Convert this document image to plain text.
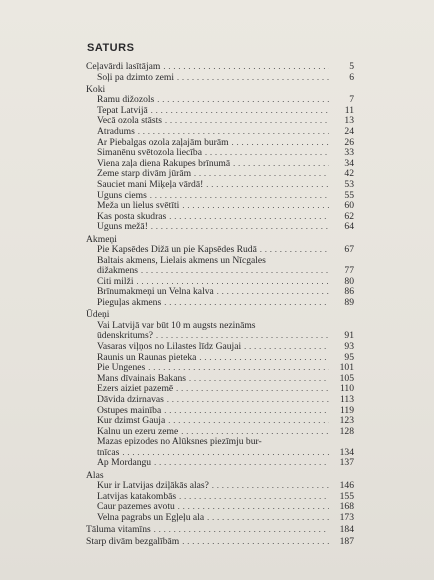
SATURS
Ceļavārdi lasītājam .....	5
Soļi pa dzimto zemi .....	6
Koki
Ramu dižozols .....	7
Tepat Latvijā .....	11
Vecā ozola stāsts .....	13
Atradums .....	24
Ar Piebalgas ozola zaļajām burām .....	26
Simanēnu svētozola liecība .....	33
Viena zaļa diena Rakupes brīnumā .....	34
Zeme starp divām jūrām .....	42
Sauciet mani Miķeļa vārdā! .....	53
Uguns ciems .....	55
Meža un lielus svētīti .....	60
Kas posta skudras .....	62
Uguns mežā! .....	64
Akmeņi
Pie Kapsēdes Dižā un pie Kapsēdes Rudā .....	67
Baltais akmens, Lielais akmens un Nīcgales
dižakmens .....	77
Citi milži .....	80
Brīnumakmeņi un Velna kalva .....	86
Pieguļas akmens .....	89
Ūdeņi
Vai Latvijā var būt 10 m augsts nezināms
ūdenskritums? .....	91
Vasaras viļņos no Lilastes līdz Gaujai .....	93
Raunis un Raunas pieteka .....	95
Pie Ungenes .....	101
Mans dīvainais Bakans .....	105
Ezers aiziet pazemē .....	110
Dāvida dzirnavas .....	113
Ostupes mainība .....	119
Kur dzimst Gauja .....	123
Kalnu un ezeru zeme .....	128
Mazas epizodes no Alūksnes piezīmju bur-
tnīcas .....	134
Ap Mordangu .....	137
Alas
Kur ir Latvijas dziļākās alas? .....	146
Latvijas katakombās .....	155
Caur pazemes avotu .....	168
Velna pagrabs un Egļeļu ala .....	173
Tāluma vitamīns .....	184
Starp divām bezgalībām .....	187
